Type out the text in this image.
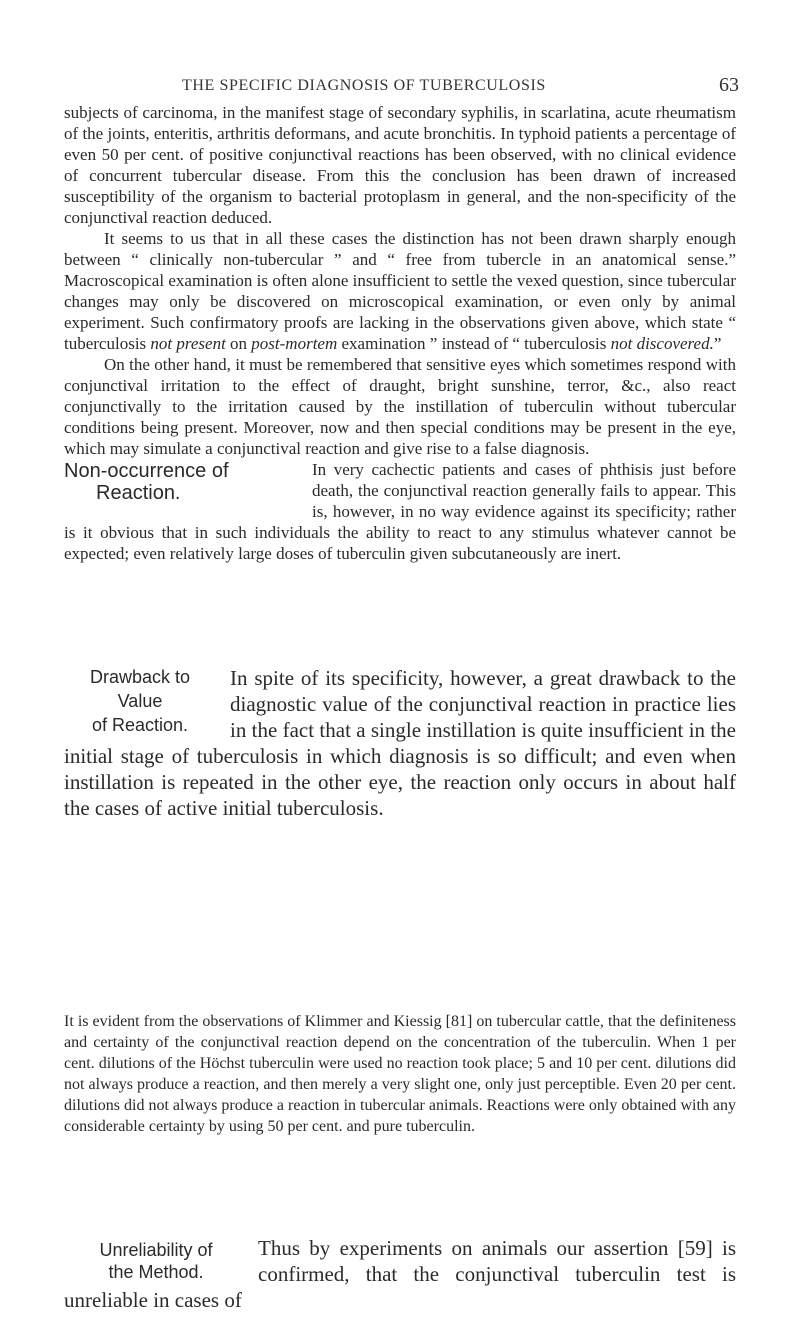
THE SPECIFIC DIAGNOSIS OF TUBERCULOSIS	63

subjects of carcinoma, in the manifest stage of secondary syphilis, in scarlatina, acute rheumatism of the joints, enteritis, arthritis deformans, and acute bronchitis. In typhoid patients a percentage of even 50 per cent. of positive conjunctival reactions has been observed, with no clinical evidence of concurrent tubercular disease. From this the conclusion has been drawn of increased susceptibility of the organism to bacterial protoplasm in general, and the non-specificity of the conjunctival reaction deduced.

It seems to us that in all these cases the distinction has not been drawn sharply enough between “ clinically non-tubercular ” and “ free from tubercle in an anatomical sense.” Macroscopical examination is often alone insufficient to settle the vexed question, since tubercular changes may only be discovered on microscopical examination, or even only by animal experiment. Such confirmatory proofs are lacking in the observations given above, which state “ tuberculosis not present on post-mortem examination ” instead of “ tuberculosis not discovered.”

On the other hand, it must be remembered that sensitive eyes which sometimes respond with conjunctival irritation to the effect of draught, bright sunshine, terror, &c., also react conjunctivally to the irritation caused by the instillation of tuberculin without tubercular conditions being present. Moreover, now and then special conditions may be present in the eye, which may simulate a conjunctival reaction and give rise to a false diagnosis.

Non-occurrence of
Reaction.
In very cachectic patients and cases of phthisis just before death, the conjunctival reaction generally fails to appear. This is, however, in no way evidence against its specificity; rather is it obvious that in such individuals the ability to react to any stimulus whatever cannot be expected; even relatively large doses of tuberculin given subcutaneously are inert.

Drawback to
Value
of Reaction.
In spite of its specificity, however, a great drawback to the diagnostic value of the conjunctival reaction in practice lies in the fact that a single instillation is quite insufficient in the initial stage of tuberculosis in which diagnosis is so difficult; and even when instillation is repeated in the other eye, the reaction only occurs in about half the cases of active initial tuberculosis.

It is evident from the observations of Klimmer and Kiessig [81] on tubercular cattle, that the definiteness and certainty of the conjunctival reaction depend on the concentration of the tuberculin. When 1 per cent. dilutions of the Höchst tuberculin were used no reaction took place; 5 and 10 per cent. dilutions did not always produce a reaction, and then merely a very slight one, only just perceptible. Even 20 per cent. dilutions did not always produce a reaction in tubercular animals. Reactions were only obtained with any considerable certainty by using 50 per cent. and pure tuberculin.

Unreliability of
the Method.
Thus by experiments on animals our assertion [59] is confirmed, that the conjunctival tuberculin test is unreliable in cases of
